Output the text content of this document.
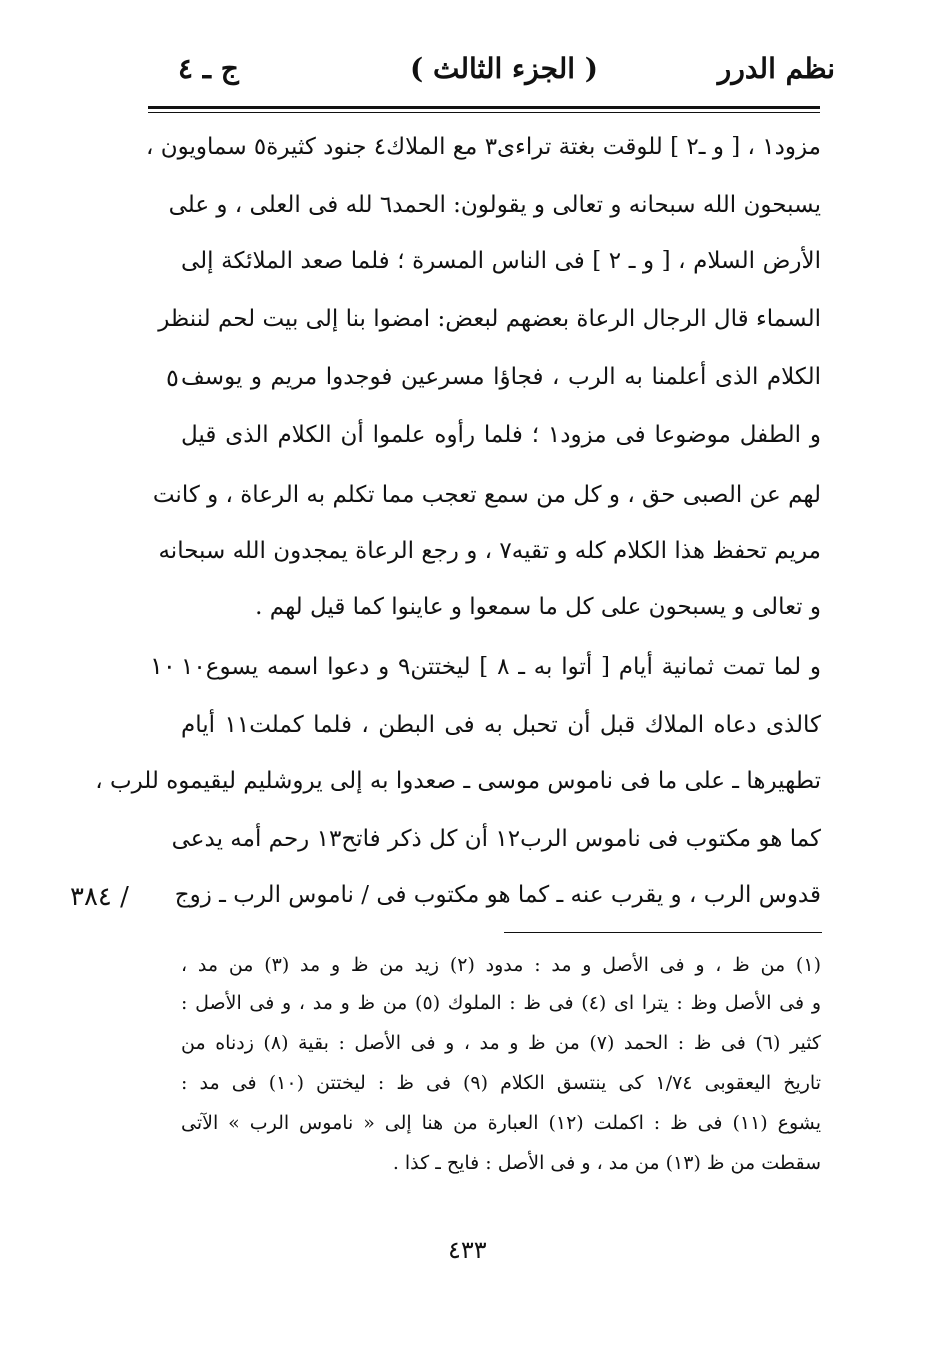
نظم الدرر
( الجزء الثالث )
ج ـ ٤
مزود١ ، [ و ـ٢ ] للوقت بغتة تراءى٣ مع الملاك٤ جنود كثيرة٥ سماويون ،
يسبحون الله سبحانه و تعالى و يقولون: الحمد٦ لله فى العلى ، و على
الأرض السلام ، [ و ـ ٢ ] فى الناس المسرة ؛ فلما صعد الملائكة إلى
السماء قال الرجال الرعاة بعضهم لبعض: امضوا بنا إلى بيت لحم لننظر
الكلام الذى أعلمنا به الرب ، فجاؤا مسرعين فوجدوا مريم و يوسف
و الطفل موضوعا فى مزود١ ؛ فلما رأوه علموا أن الكلام الذى قيل
لهم عن الصبى حق ، و كل من سمع تعجب مما تكلم به الرعاة ، و كانت
مريم تحفظ هذا الكلام كله و تقيه٧ ، و رجع الرعاة يمجدون الله سبحانه
و تعالى و يسبحون على كل ما سمعوا و عاينوا كما قيل لهم .
و لما تمت ثمانية أيام [ أتوا به ـ ٨ ] ليختتن٩ و دعوا اسمه يسوع١٠
كالذى دعاه الملاك قبل أن تحبل به فى البطن ، فلما كملت١١ أيام
تطهيرها ـ على ما فى ناموس موسى ـ صعدوا به إلى يروشليم ليقيموه للرب ،
كما هو مكتوب فى ناموس الرب١٢ أن كل ذكر فاتح١٣ رحم أمه يدعى
قدوس الرب ، و يقرب عنه ـ كما هو مكتوب فى / ناموس الرب ـ زوج
٥
١٠
/ ٣٨٤
(١) من ظ ، و فى الأصل و مد : مدود (٢) زيد من ظ و مد (٣) من مد ،
و فى الأصل وظ : يترا اى (٤) فى ظ : الملوك (٥) من ظ و مد ، و فى الأصل :
كثير (٦) فى ظ : الحمد (٧) من ظ و مد ، و فى الأصل : بقية (٨) زدناه من
تاريخ اليعقوبى ١/٧٤ كى ينتسق الكلام (٩) فى ظ : ليختتن (١٠) فى مد :
يشوع (١١) فى ظ : اكملت (١٢) العبارة من هنا إلى « ناموس الرب » الآتى
سقطت من ظ (١٣) من مد ، و فى الأصل : فايح ـ كذا .
٤٣٣
